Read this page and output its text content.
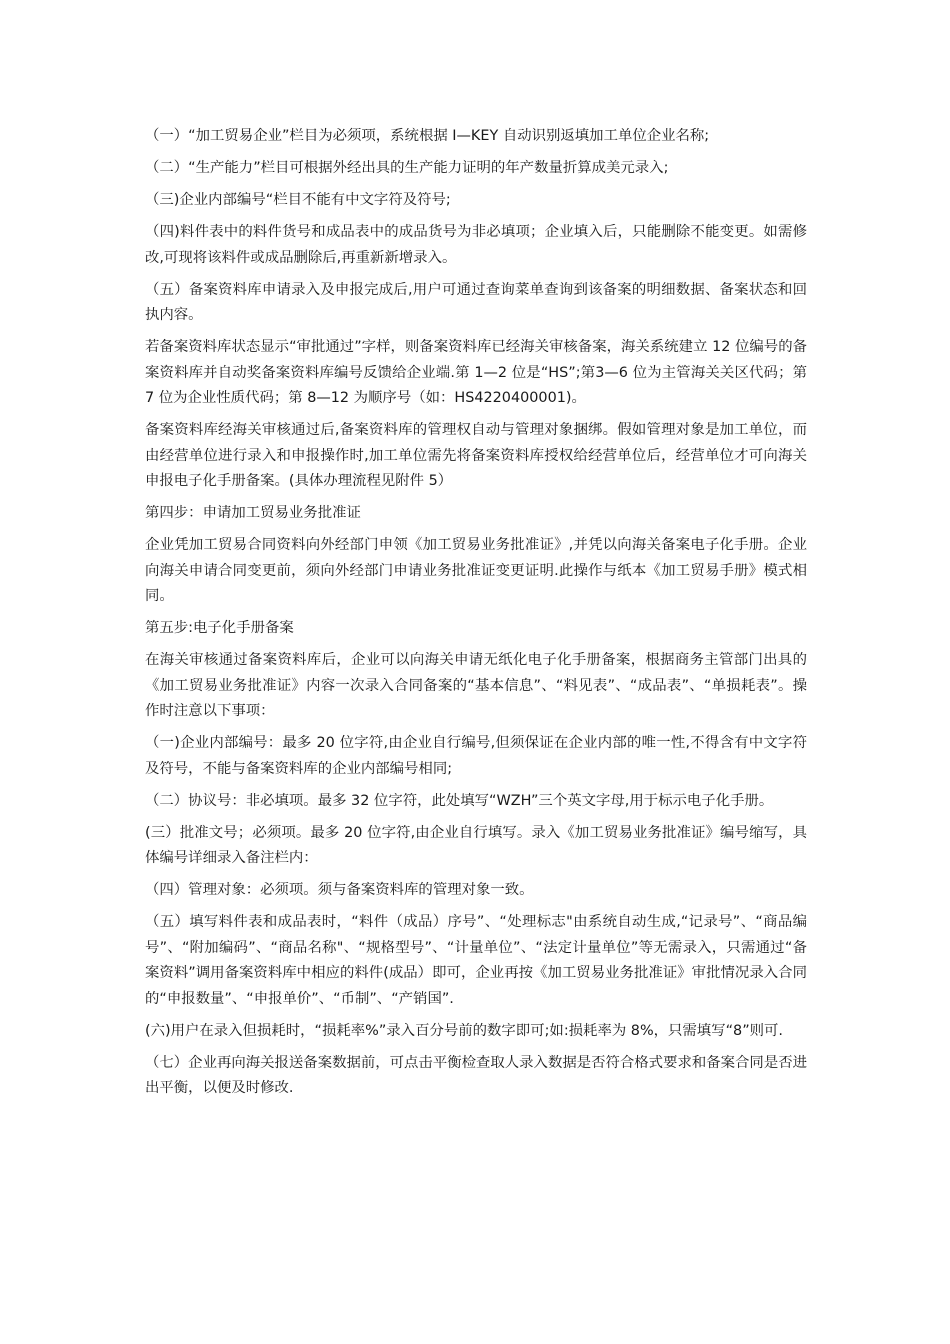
（一）“加工贸易企业”栏目为必须项，系统根据 I—KEY 自动识别返填加工单位企业名称;

（二）“生产能力”栏目可根据外经出具的生产能力证明的年产数量折算成美元录入;

（三)企业内部编号“栏目不能有中文字符及符号;

（四)料件表中的料件货号和成品表中的成品货号为非必填项；企业填入后，只能删除不能变更。如需修改,可现将该料件或成品删除后,再重新新增录入。

（五）备案资料库申请录入及申报完成后,用户可通过查询菜单查询到该备案的明细数据、备案状态和回执内容。

若备案资料库状态显示“审批通过”字样，则备案资料库已经海关审核备案，海关系统建立 12 位编号的备案资料库并自动奖备案资料库编号反馈给企业端.第 1—2 位是“HS”;第3—6 位为主管海关关区代码；第 7 位为企业性质代码；第 8—12 为顺序号（如：HS4220400001)。

备案资料库经海关审核通过后,备案资料库的管理权自动与管理对象捆绑。假如管理对象是加工单位，而由经营单位进行录入和申报操作时,加工单位需先将备案资料库授权给经营单位后，经营单位才可向海关申报电子化手册备案。(具体办理流程见附件 5）

第四步：申请加工贸易业务批准证

企业凭加工贸易合同资料向外经部门申领《加工贸易业务批准证》,并凭以向海关备案电子化手册。企业向海关申请合同变更前，须向外经部门申请业务批准证变更证明.此操作与纸本《加工贸易手册》模式相同。

第五步:电子化手册备案

在海关审核通过备案资料库后，企业可以向海关申请无纸化电子化手册备案，根据商务主管部门出具的《加工贸易业务批准证》内容一次录入合同备案的“基本信息”、“料见表”、“成品表”、“单损耗表”。操作时注意以下事项：

（一)企业内部编号：最多 20 位字符,由企业自行编号,但须保证在企业内部的唯一性,不得含有中文字符及符号，不能与备案资料库的企业内部编号相同;

（二）协议号：非必填项。最多 32 位字符，此处填写“WZH”三个英文字母,用于标示电子化手册。

(三）批准文号；必须项。最多 20 位字符,由企业自行填写。录入《加工贸易业务批准证》编号缩写，具体编号详细录入备注栏内：

（四）管理对象：必须项。须与备案资料库的管理对象一致。

（五）填写料件表和成品表时，“料件（成品）序号”、“处理标志"由系统自动生成,“记录号”、“商品编号”、“附加编码”、“商品名称"、“规格型号”、“计量单位”、“法定计量单位”等无需录入，只需通过“备案资料”调用备案资料库中相应的料件(成品）即可，企业再按《加工贸易业务批准证》审批情况录入合同的“申报数量”、“申报单价”、“币制”、“产销国”.

(六)用户在录入但损耗时，“损耗率%”录入百分号前的数字即可;如:损耗率为 8%，只需填写“8”则可.

（七）企业再向海关报送备案数据前，可点击平衡检查取人录入数据是否符合格式要求和备案合同是否进出平衡，以便及时修改.
